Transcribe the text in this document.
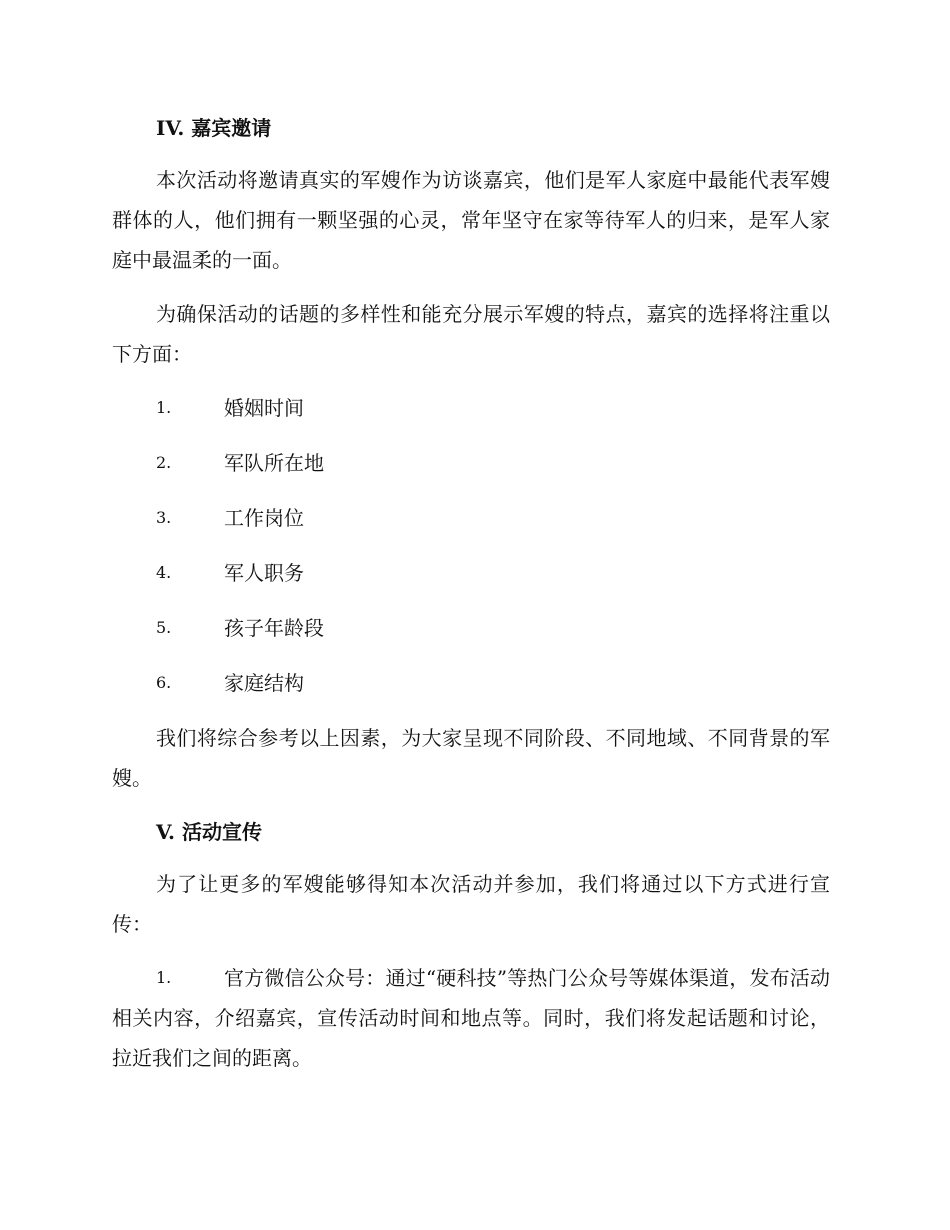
IV. 嘉宾邀请

本次活动将邀请真实的军嫂作为访谈嘉宾，他们是军人家庭中最能代表军嫂群体的人，他们拥有一颗坚强的心灵，常年坚守在家等待军人的归来，是军人家庭中最温柔的一面。

为确保活动的话题的多样性和能充分展示军嫂的特点，嘉宾的选择将注重以下方面：

1.	婚姻时间
2.	军队所在地
3.	工作岗位
4.	军人职务
5.	孩子年龄段
6.	家庭结构

我们将综合参考以上因素，为大家呈现不同阶段、不同地域、不同背景的军嫂。

V. 活动宣传

为了让更多的军嫂能够得知本次活动并参加，我们将通过以下方式进行宣传：

1.	官方微信公众号：通过“硬科技”等热门公众号等媒体渠道，发布活动相关内容，介绍嘉宾，宣传活动时间和地点等。同时，我们将发起话题和讨论，拉近我们之间的距离。
